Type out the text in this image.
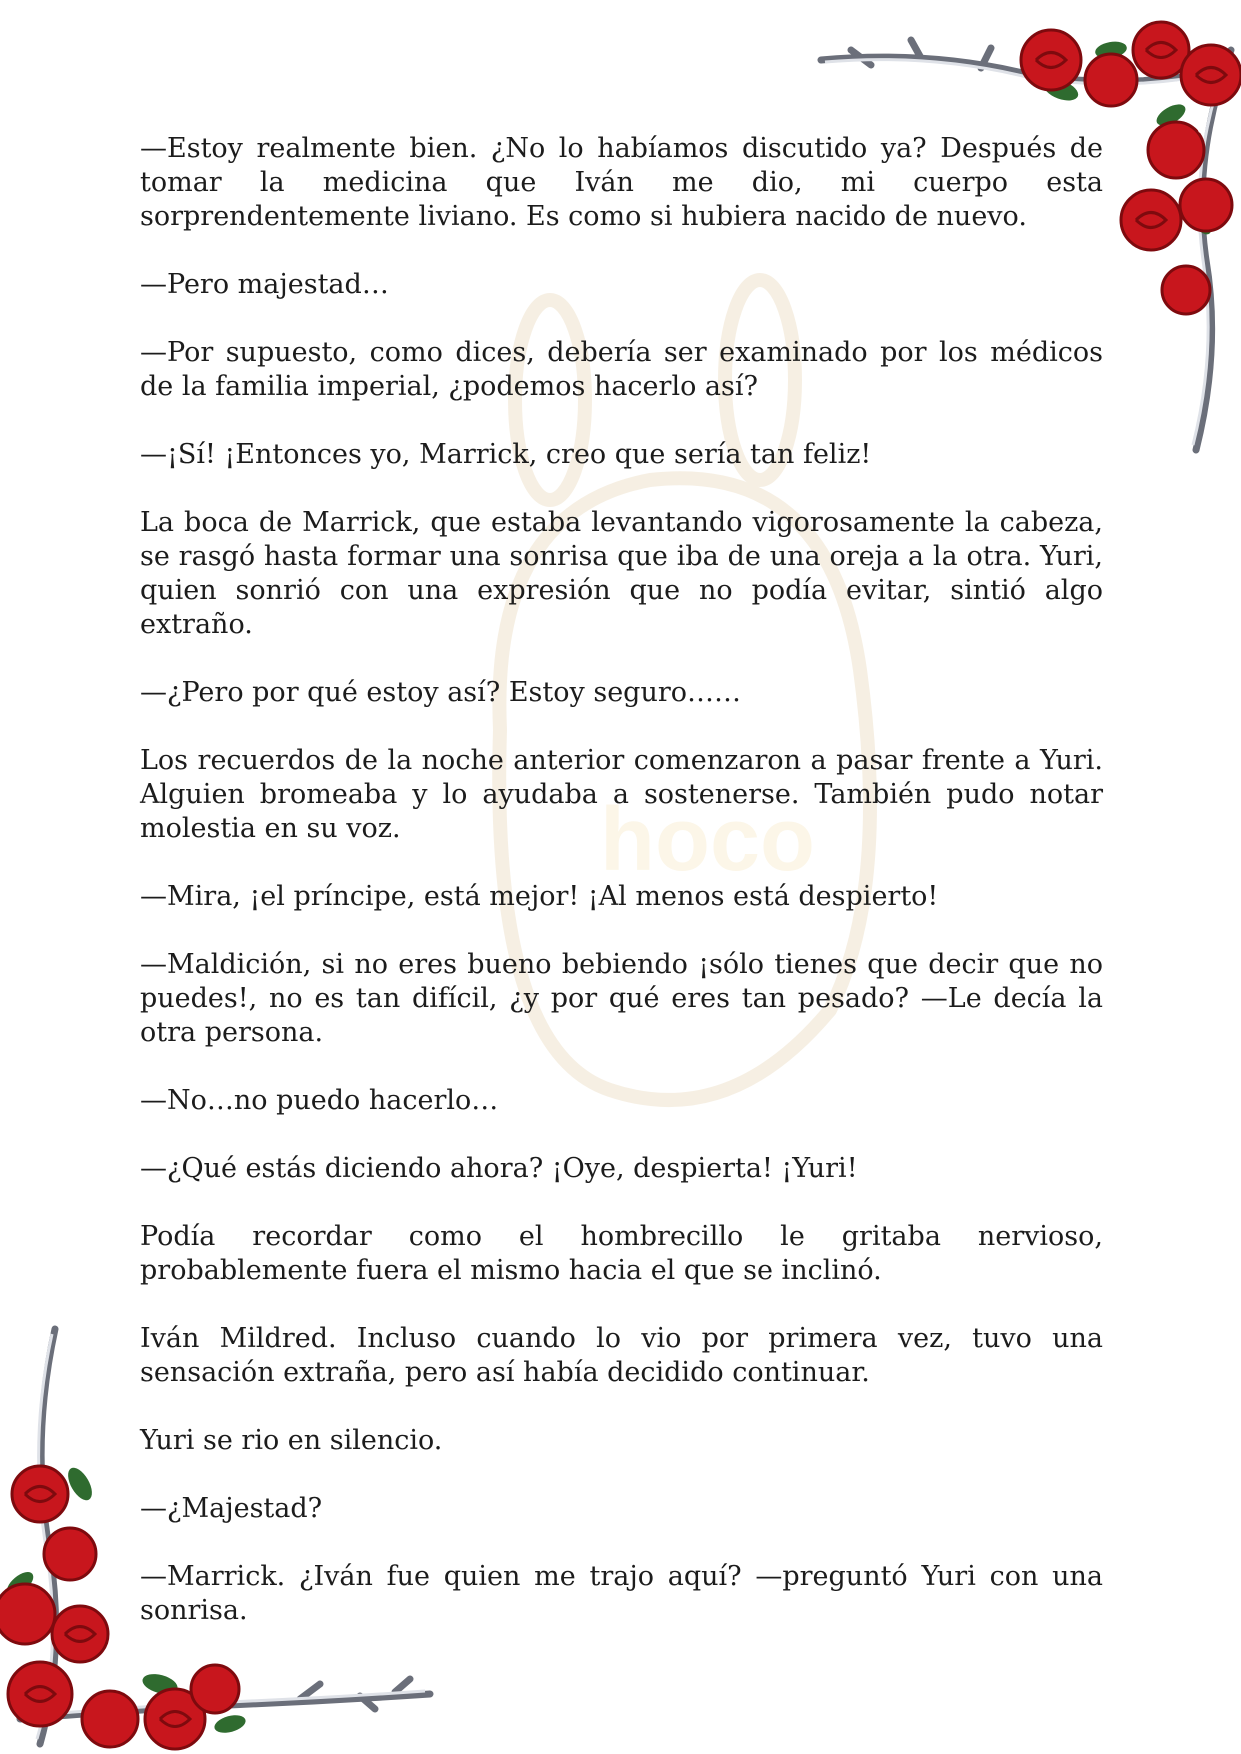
hoco

—Estoy realmente bien. ¿No lo habíamos discutido ya? Después de tomar la medicina que Iván me dio, mi cuerpo esta sorprendentemente liviano. Es como si hubiera nacido de nuevo.

—Pero majestad…

—Por supuesto, como dices, debería ser examinado por los médicos de la familia imperial, ¿podemos hacerlo así?

—¡Sí! ¡Entonces yo, Marrick, creo que sería tan feliz!

La boca de Marrick, que estaba levantando vigorosamente la cabeza, se rasgó hasta formar una sonrisa que iba de una oreja a la otra. Yuri, quien sonrió con una expresión que no podía evitar, sintió algo extraño.

—¿Pero por qué estoy así? Estoy seguro……

Los recuerdos de la noche anterior comenzaron a pasar frente a Yuri. Alguien bromeaba y lo ayudaba a sostenerse. También pudo notar molestia en su voz.

—Mira, ¡el príncipe, está mejor! ¡Al menos está despierto!

—Maldición, si no eres bueno bebiendo ¡sólo tienes que decir que no puedes!, no es tan difícil, ¿y por qué eres tan pesado? —Le decía la otra persona.

—No…no puedo hacerlo…

—¿Qué estás diciendo ahora? ¡Oye, despierta! ¡Yuri!

Podía recordar como el hombrecillo le gritaba nervioso, probablemente fuera el mismo hacia el que se inclinó.

Iván Mildred. Incluso cuando lo vio por primera vez, tuvo una sensación extraña, pero así había decidido continuar.

Yuri se rio en silencio.

—¿Majestad?

—Marrick. ¿Iván fue quien me trajo aquí? —preguntó Yuri con una sonrisa.
